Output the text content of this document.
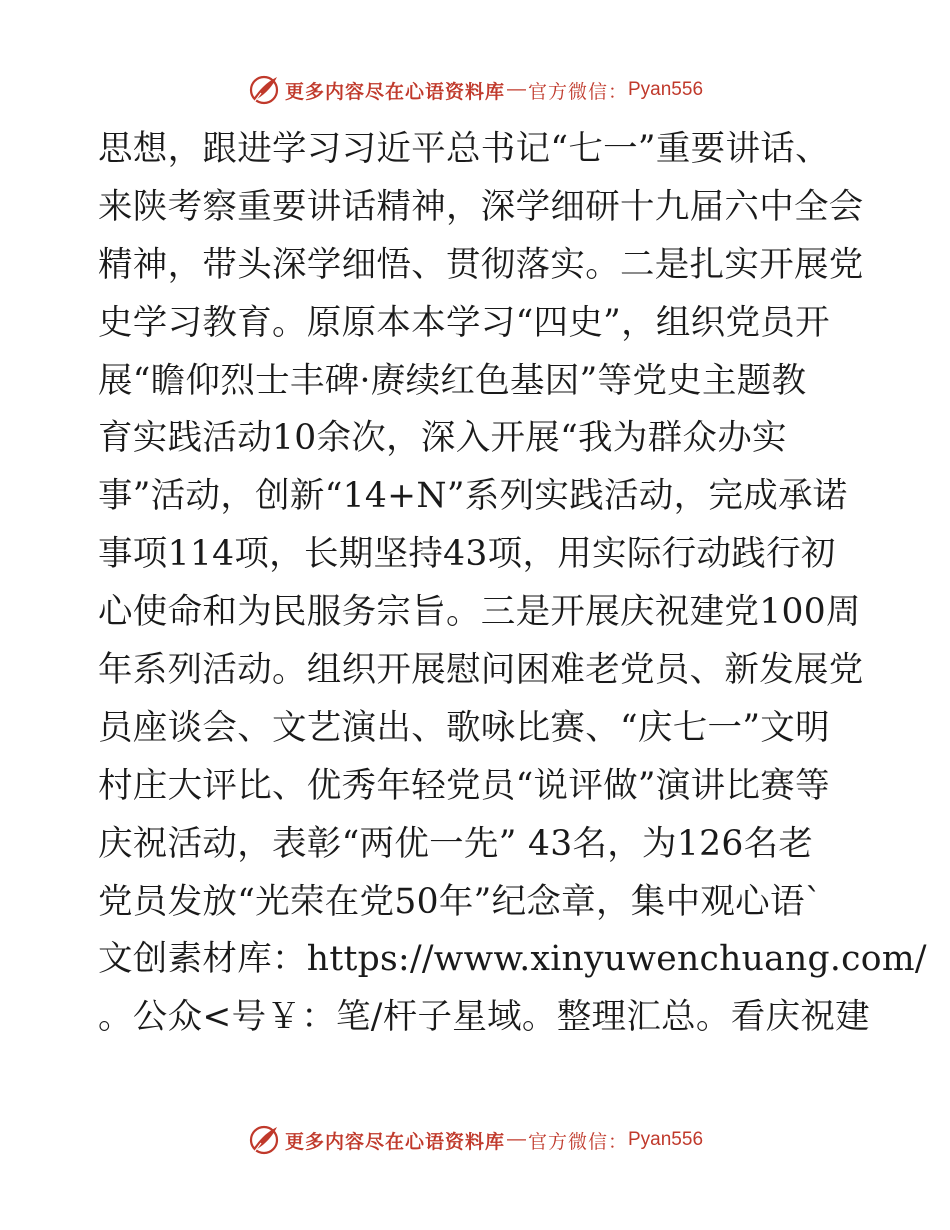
更多内容尽在心语资料库 — 官方微信： Pyan556
思想，跟进学习习近平总书记“七一”重要讲话、
来陕考察重要讲话精神，深学细研十九届六中全会
精神，带头深学细悟、贯彻落实。二是扎实开展党
史学习教育。原原本本学习“四史”，组织党员开
展“瞻仰烈士丰碑·赓续红色基因”等党史主题教
育实践活动10余次，深入开展“我为群众办实
事”活动，创新“14+N”系列实践活动，完成承诺
事项114项，长期坚持43项，用实际行动践行初
心使命和为民服务宗旨。三是开展庆祝建党100周
年系列活动。组织开展慰问困难老党员、新发展党
员座谈会、文艺演出、歌咏比赛、“庆七一”文明
村庄大评比、优秀年轻党员“说评做”演讲比赛等
庆祝活动，表彰“两优一先” 43名，为126名老
党员发放“光荣在党50年”纪念章，集中观心语`
文创素材库：https://www.xinyuwenchuang.com/
。公众<号￥：笔/杆子星域。整理汇总。看庆祝建
更多内容尽在心语资料库 — 官方微信： Pyan556
